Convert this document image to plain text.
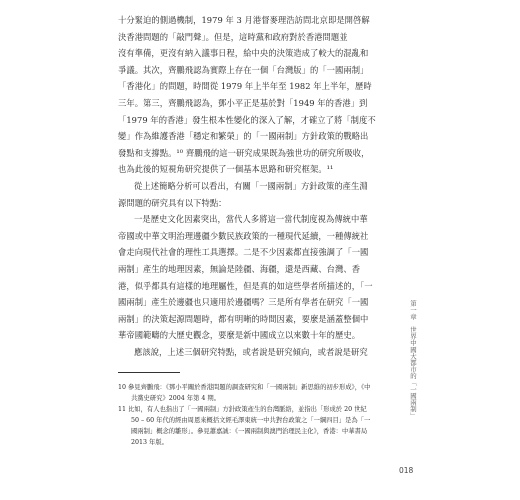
十分緊迫的側過機制，1979 年 3 月港督麥理浩訪問北京即是開啓解
決香港問題的「敲門聲」。但是，這時黨和政府對於香港問題並
沒有準備，更沒有納入議事日程，給中央的決策造成了較大的混亂和
爭議。其次，齊鵬飛認為實際上存在一個「台灣版」的「一國兩制」
「香港化」的問題，時間從 1979 年上半年至 1982 年上半年，歷時
三年。第三，齊鵬飛認為，鄧小平正是基於對「1949 年的香港」到
「1979 年的香港」發生根本性變化的深入了解，才確立了將「制度不
變」作為維護香港「穩定和繁榮」的「一國兩制」方針政策的戰略出
發點和支撐點。¹⁰ 齊鵬飛的這一研究成果既為強世功的研究所吸收，
也為此後的短視角研究提供了一個基本思路和研究框架。¹¹
從上述簡略分析可以看出，有關「一國兩制」方針政策的產生淵
源問題的研究具有以下特點：
一是歷史文化因素突出，當代人多將這一當代制度視為傳統中華
帝國或中華文明治理邊疆少數民族政策的一種現代延續，一種傳統社
會走向現代社會的理性工具選擇。二是不少因素都直接強調了「一國
兩制」產生的地理因素，無論是陸疆、海疆，還是西藏、台灣、香
港，似乎都具有這樣的地理屬性，但是真的如這些學者所描述的，「一
國兩制」產生於邊疆也只適用於邊疆嗎？三是所有學者在研究「一國
兩制」的決策起源問題時，都有明晰的時間因素，要麼是涵蓋整個中
華帝國範疇的大歷史觀念，要麼是新中國成立以來數十年的歷史。
應該說，上述三個研究特點，或者說是研究傾向，或者說是研究
10 參見齊鵬飛：《鄧小平關於香港問題的調查研究和「一國兩制」新思維的初步形成》，《中
共黨史研究》2004 年第 4 期。
11 比如，有人也指出了「一國兩制」方針政策產生的台灣脈絡，並指出「形成於 20 世紀
50 – 60 年代的經由周恩來概括文經毛澤東統一中共對台政策之「一綱四目」是為「一
國兩制」概念的雛形」。參見蕭嘉誠：《一國兩制與澳門治理民主化》，香港：中華書局
2013 年版。
第一章　世界中國大都市的「一國兩制」
018
